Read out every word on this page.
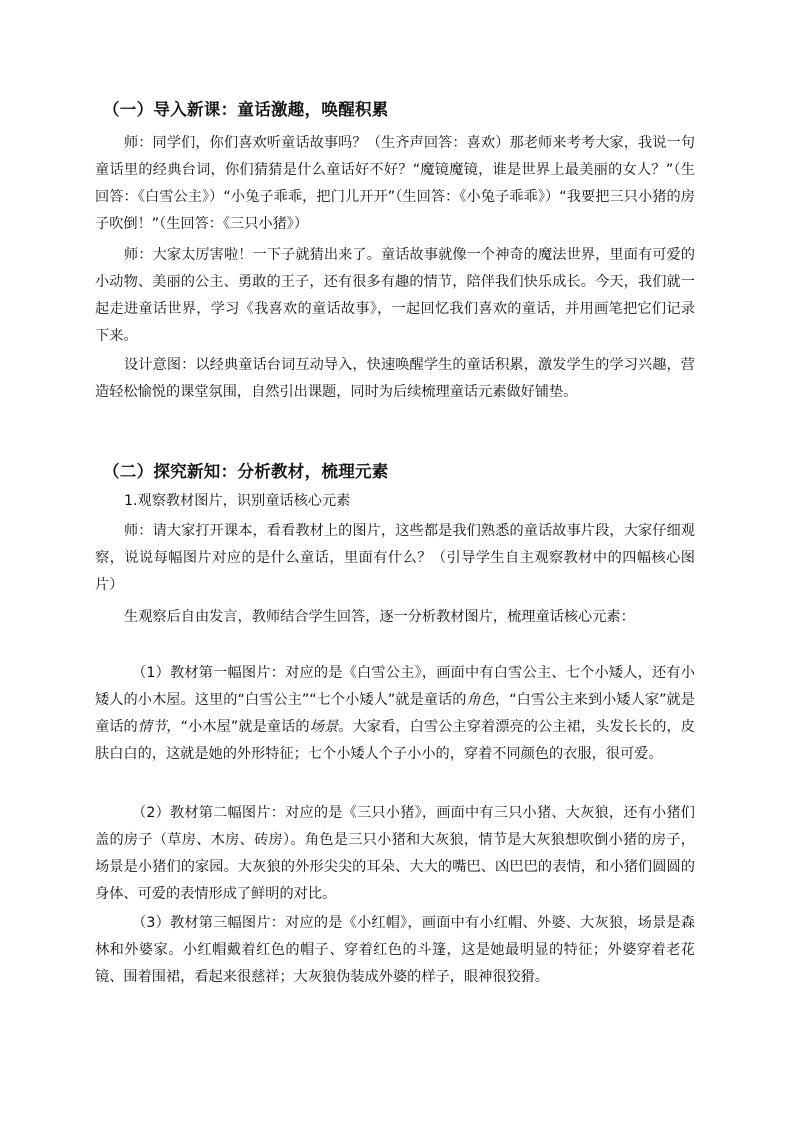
（一）导入新课：童话激趣，唤醒积累
师：同学们，你们喜欢听童话故事吗？（生齐声回答：喜欢）那老师来考考大家，我说一句童话里的经典台词，你们猜猜是什么童话好不好？“魔镜魔镜，谁是世界上最美丽的女人？”（生回答：《白雪公主》）“小兔子乖乖，把门儿开开”（生回答：《小兔子乖乖》）“我要把三只小猪的房子吹倒！”（生回答：《三只小猪》）
师：大家太厉害啦！一下子就猜出来了。童话故事就像一个神奇的魔法世界，里面有可爱的小动物、美丽的公主、勇敢的王子，还有很多有趣的情节，陪伴我们快乐成长。今天，我们就一起走进童话世界，学习《我喜欢的童话故事》，一起回忆我们喜欢的童话，并用画笔把它们记录下来。
设计意图：以经典童话台词互动导入，快速唤醒学生的童话积累，激发学生的学习兴趣，营造轻松愉悦的课堂氛围，自然引出课题，同时为后续梳理童话元素做好铺垫。
（二）探究新知：分析教材，梳理元素
1.观察教材图片，识别童话核心元素
师：请大家打开课本，看看教材上的图片，这些都是我们熟悉的童话故事片段，大家仔细观察，说说每幅图片对应的是什么童话，里面有什么？（引导学生自主观察教材中的四幅核心图片）
生观察后自由发言，教师结合学生回答，逐一分析教材图片，梳理童话核心元素：
（1）教材第一幅图片：对应的是《白雪公主》，画面中有白雪公主、七个小矮人，还有小矮人的小木屋。这里的“白雪公主”“七个小矮人”就是童话的角色，“白雪公主来到小矮人家”就是童话的情节，“小木屋”就是童话的场景。大家看，白雪公主穿着漂亮的公主裙，头发长长的，皮肤白白的，这就是她的外形特征；七个小矮人个子小小的，穿着不同颜色的衣服，很可爱。
（2）教材第二幅图片：对应的是《三只小猪》，画面中有三只小猪、大灰狼，还有小猪们盖的房子（草房、木房、砖房）。角色是三只小猪和大灰狼，情节是大灰狼想吹倒小猪的房子，场景是小猪们的家园。大灰狼的外形尖尖的耳朵、大大的嘴巴、凶巴巴的表情，和小猪们圆圆的身体、可爱的表情形成了鲜明的对比。
（3）教材第三幅图片：对应的是《小红帽》，画面中有小红帽、外婆、大灰狼，场景是森林和外婆家。小红帽戴着红色的帽子、穿着红色的斗篷，这是她最明显的特征；外婆穿着老花镜、围着围裙，看起来很慈祥；大灰狼伪装成外婆的样子，眼神很狡猾。
